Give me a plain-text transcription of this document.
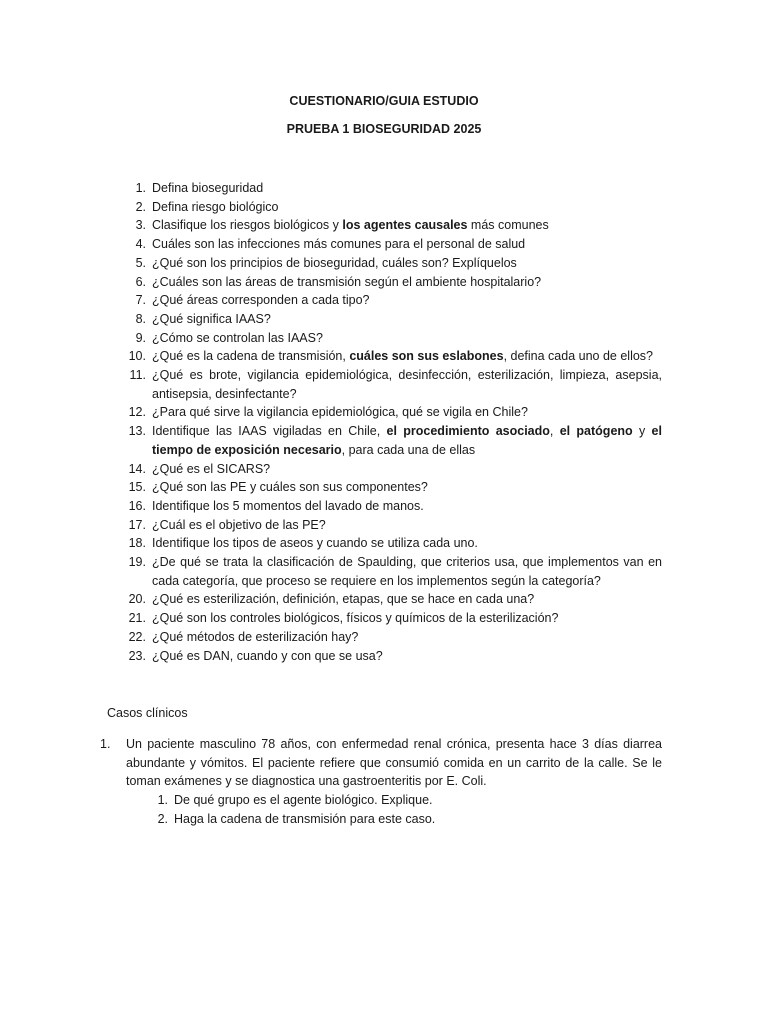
CUESTIONARIO/GUIA ESTUDIO
PRUEBA 1 BIOSEGURIDAD 2025
1. Defina bioseguridad
2. Defina riesgo biológico
3. Clasifique los riesgos biológicos y los agentes causales más comunes
4. Cuáles son las infecciones más comunes para el personal de salud
5. ¿Qué son los principios de bioseguridad, cuáles son? Explíquelos
6. ¿Cuáles son las áreas de transmisión según el ambiente hospitalario?
7. ¿Qué áreas corresponden a cada tipo?
8. ¿Qué significa IAAS?
9. ¿Cómo se controlan las IAAS?
10. ¿Qué es la cadena de transmisión, cuáles son sus eslabones, defina cada uno de ellos?
11. ¿Qué es brote, vigilancia epidemiológica, desinfección, esterilización, limpieza, asepsia, antisepsia, desinfectante?
12. ¿Para qué sirve la vigilancia epidemiológica, qué se vigila en Chile?
13. Identifique las IAAS vigiladas en Chile, el procedimiento asociado, el patógeno y el tiempo de exposición necesario, para cada una de ellas
14. ¿Qué es el SICARS?
15. ¿Qué son las PE y cuáles son sus componentes?
16. Identifique los 5 momentos del lavado de manos.
17. ¿Cuál es el objetivo de las PE?
18. Identifique los tipos de aseos y cuando se utiliza cada uno.
19. ¿De qué se trata la clasificación de Spaulding, que criterios usa, que implementos van en cada categoría, que proceso se requiere en los implementos según la categoría?
20. ¿Qué es esterilización, definición, etapas, que se hace en cada una?
21. ¿Qué son los controles biológicos, físicos y químicos de la esterilización?
22. ¿Qué métodos de esterilización hay?
23. ¿Qué es DAN, cuando y con que se usa?
Casos clínicos
1. Un paciente masculino 78 años, con enfermedad renal crónica, presenta hace 3 días diarrea abundante y vómitos. El paciente refiere que consumió comida en un carrito de la calle. Se le toman exámenes y se diagnostica una gastroenteritis por E. Coli.
1. De qué grupo es el agente biológico. Explique.
2. Haga la cadena de transmisión para este caso.
